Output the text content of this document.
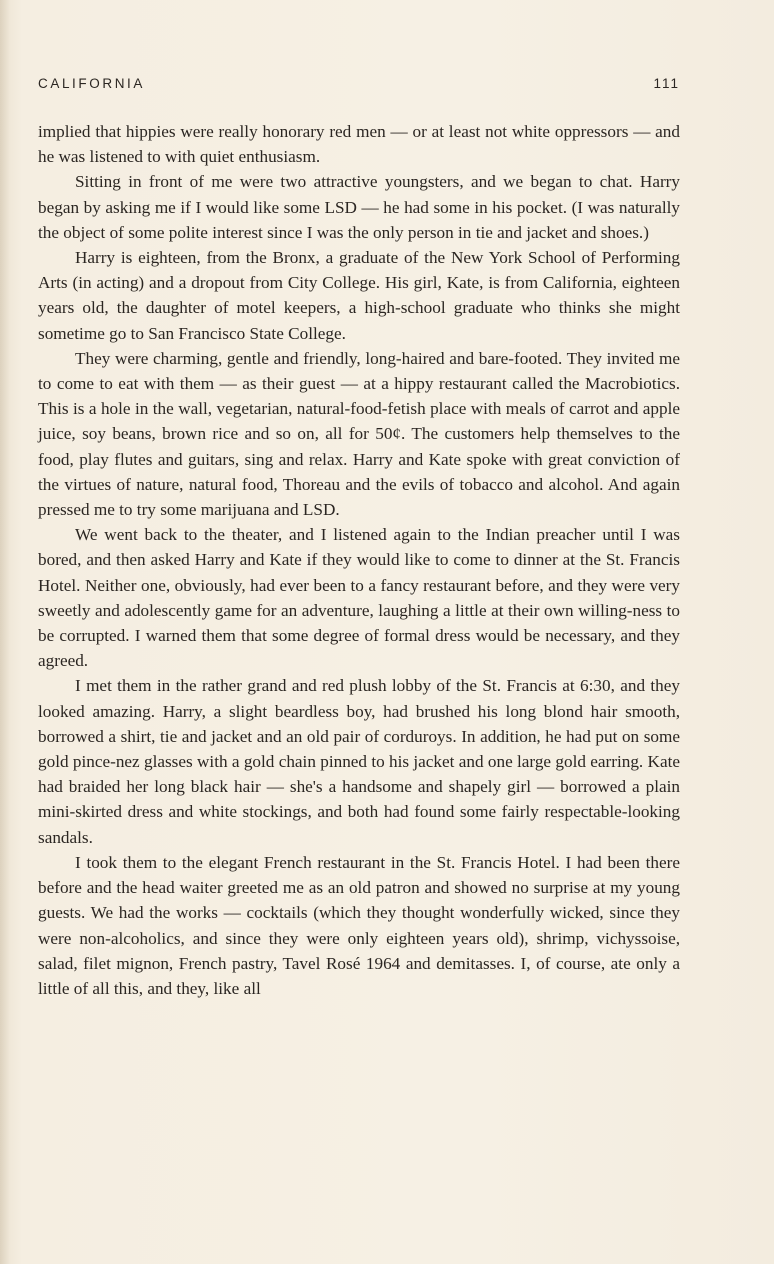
CALIFORNIA	111

implied that hippies were really honorary red men — or at least not white oppressors — and he was listened to with quiet enthusiasm.

Sitting in front of me were two attractive youngsters, and we began to chat. Harry began by asking me if I would like some LSD — he had some in his pocket. (I was naturally the object of some polite interest since I was the only person in tie and jacket and shoes.)

Harry is eighteen, from the Bronx, a graduate of the New York School of Performing Arts (in acting) and a dropout from City College. His girl, Kate, is from California, eighteen years old, the daughter of motel keepers, a high-school graduate who thinks she might sometime go to San Francisco State College.

They were charming, gentle and friendly, long-haired and bare-footed. They invited me to come to eat with them — as their guest — at a hippy restaurant called the Macrobiotics. This is a hole in the wall, vegetarian, natural-food-fetish place with meals of carrot and apple juice, soy beans, brown rice and so on, all for 50¢. The customers help themselves to the food, play flutes and guitars, sing and relax. Harry and Kate spoke with great conviction of the virtues of nature, natural food, Thoreau and the evils of tobacco and alcohol. And again pressed me to try some marijuana and LSD.

We went back to the theater, and I listened again to the Indian preacher until I was bored, and then asked Harry and Kate if they would like to come to dinner at the St. Francis Hotel. Neither one, obviously, had ever been to a fancy restaurant before, and they were very sweetly and adolescently game for an adventure, laughing a little at their own willing-ness to be corrupted. I warned them that some degree of formal dress would be necessary, and they agreed.

I met them in the rather grand and red plush lobby of the St. Francis at 6:30, and they looked amazing. Harry, a slight beardless boy, had brushed his long blond hair smooth, borrowed a shirt, tie and jacket and an old pair of corduroys. In addition, he had put on some gold pince-nez glasses with a gold chain pinned to his jacket and one large gold earring. Kate had braided her long black hair — she's a handsome and shapely girl — borrowed a plain mini-skirted dress and white stockings, and both had found some fairly respectable-looking sandals.

I took them to the elegant French restaurant in the St. Francis Hotel. I had been there before and the head waiter greeted me as an old patron and showed no surprise at my young guests. We had the works — cocktails (which they thought wonderfully wicked, since they were non-alcoholics, and since they were only eighteen years old), shrimp, vichyssoise, salad, filet mignon, French pastry, Tavel Rosé 1964 and demitasses. I, of course, ate only a little of all this, and they, like all
